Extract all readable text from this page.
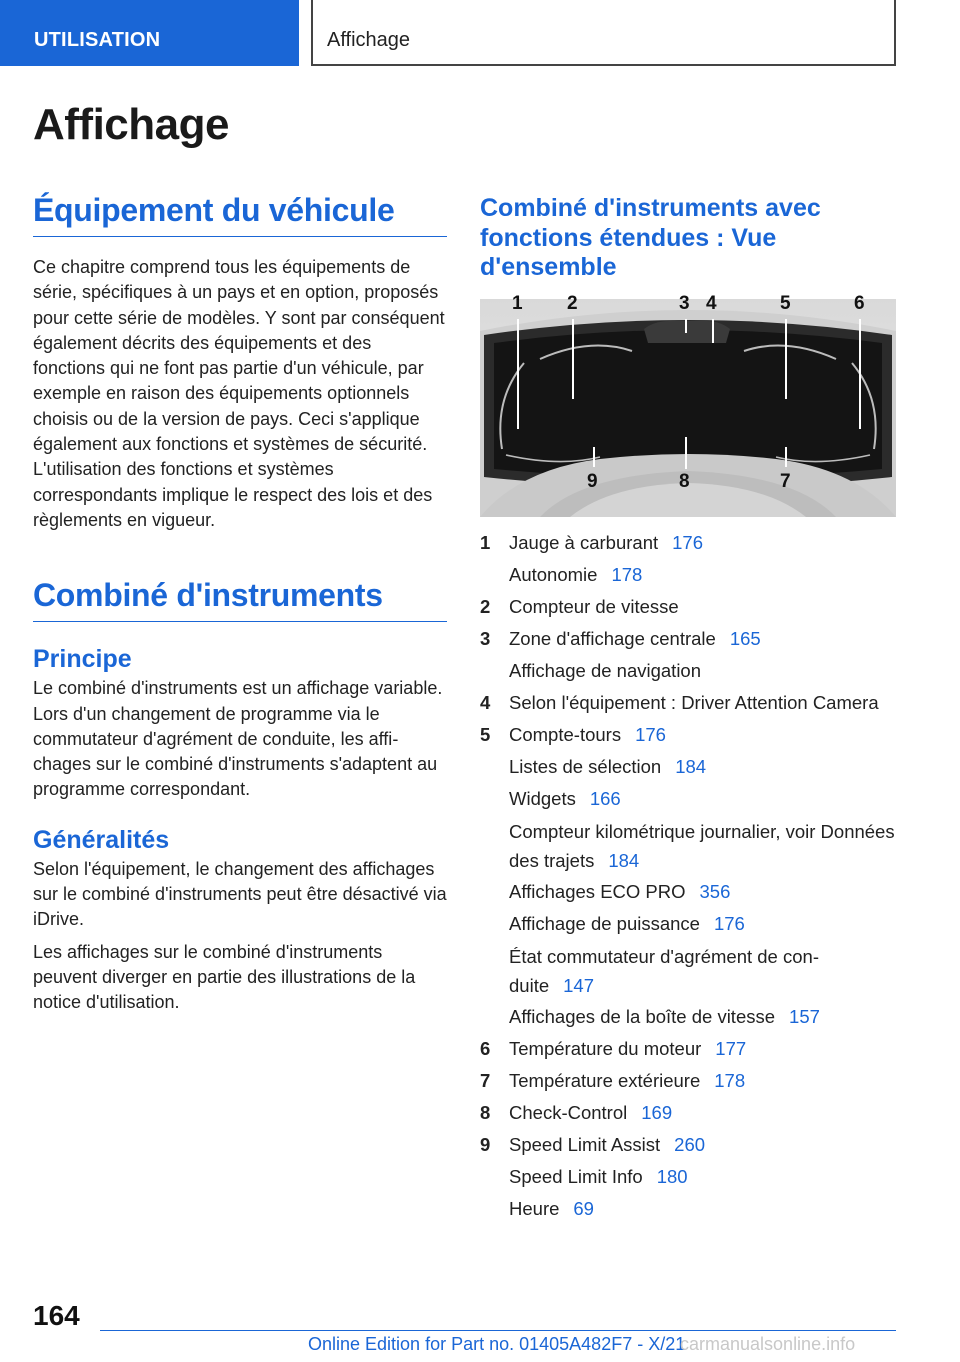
UTILISATION	Affichage
Affichage
Équipement du véhicule
Ce chapitre comprend tous les équipements de série, spécifiques à un pays et en option, proposés pour cette série de modèles. Y sont par conséquent également décrits des équipements et des fonctions qui ne font pas partie d'un véhicule, par exemple en raison des équipements optionnels choisis ou de la version de pays. Ceci s'applique également aux fonctions et systèmes de sécurité. L'utilisation des fonctions et systèmes correspondants implique le respect des lois et des règlements en vigueur.
Combiné d'instruments
Principe
Le combiné d'instruments est un affichage variable. Lors d'un changement de programme via le commutateur d'agrément de conduite, les affichages sur le combiné d'instruments s'adaptent au programme correspondant.
Généralités
Selon l'équipement, le changement des affichages sur le combiné d'instruments peut être désactivé via iDrive.
Les affichages sur le combiné d'instruments peuvent diverger en partie des illustrations de la notice d'utilisation.
Combiné d'instruments avec fonctions étendues : Vue d'ensemble
1 2	3 4	5	6
9	8	7
1	Jauge à carburant 176
Autonomie 178
2	Compteur de vitesse
3	Zone d'affichage centrale 165
Affichage de navigation
4	Selon l'équipement : Driver Attention Camera
5	Compte-tours 176
Listes de sélection 184
Widgets 166
Compteur kilométrique journalier, voir Données des trajets 184
Affichages ECO PRO 356
Affichage de puissance 176
État commutateur d'agrément de conduite 147
Affichages de la boîte de vitesse 157
6	Température du moteur 177
7	Température extérieure 178
8	Check-Control 169
9	Speed Limit Assist 260
Speed Limit Info 180
Heure 69
164
Online Edition for Part no. 01405A482F7 - X/21
carmanualsonline.info
